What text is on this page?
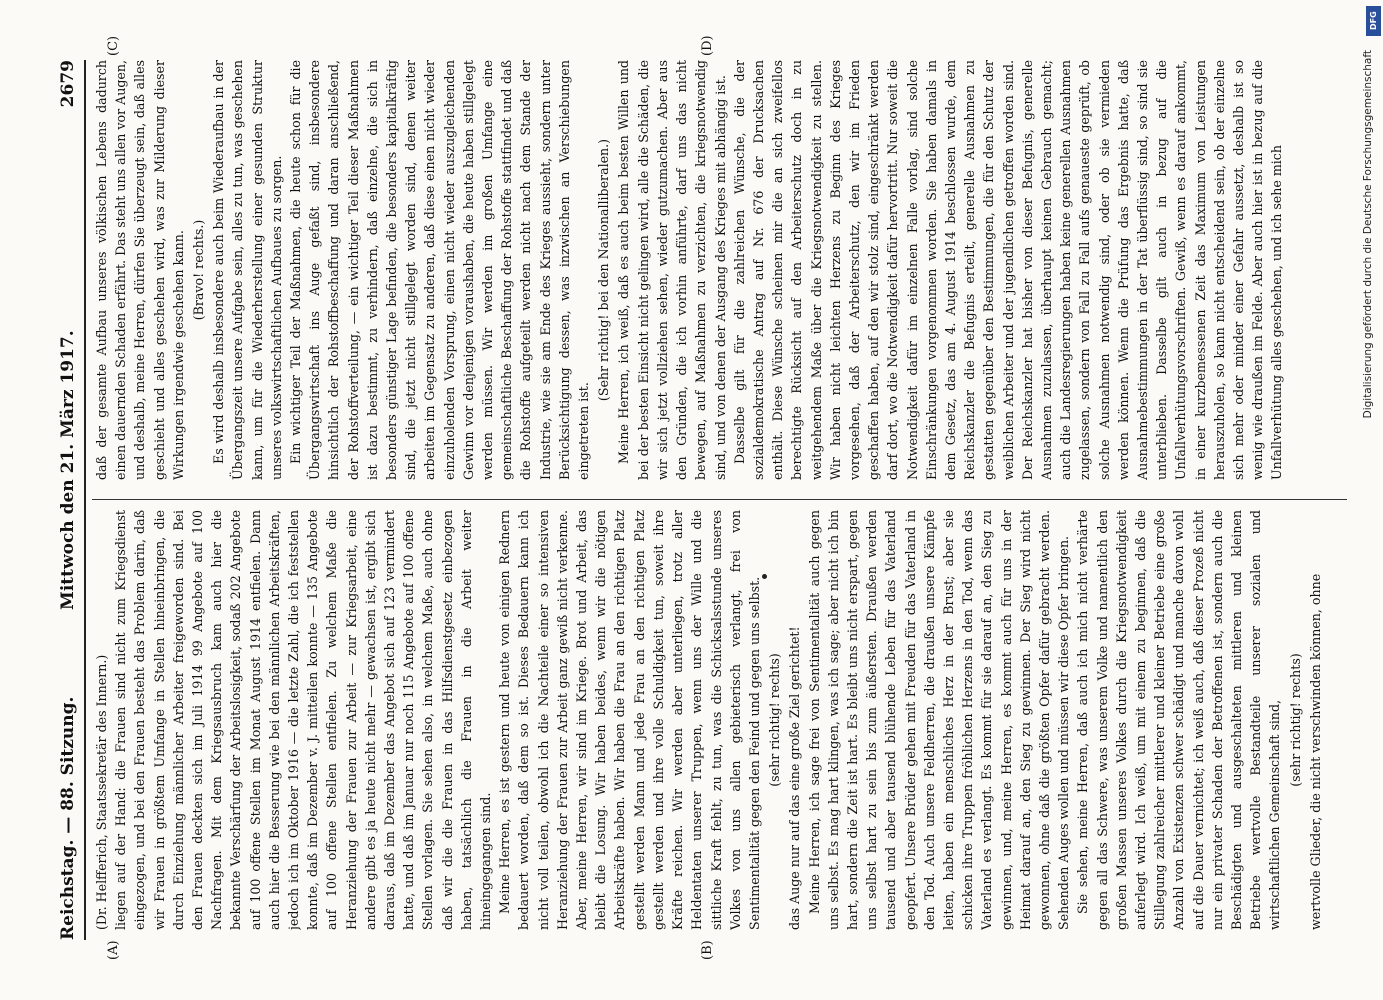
Reichstag. — 88. Sitzung.
Mittwoch den 21. März 1917.
2679
(A)	(B)
(C)	(D)

(Dr. Helfferich, Staatssekretär des Innern.) liegen auf der Hand: die Frauen sind nicht zum Kriegsdienst eingezogen, und bei den Frauen besteht das Problem darin, daß wir Frauen in größtem Umfange in Stellen hineinbringen, die durch Einziehung männlicher Arbeiter freigeworden sind. Bei den Frauen deckten sich im Juli 1914 99 Angebote auf 100 Nachfragen. Mit dem Kriegsausbruch kam auch hier die bekannte Verschärfung der Arbeitslosigkeit, sodaß 202 Angebote auf 100 offene Stellen im Monat August 1914 entfielen. Dann auch hier die Besserung wie bei den männlichen Arbeitskräften, jedoch ich im Oktober 1916 — die letzte Zahl, die ich feststellen konnte, daß im Dezember v. J. mitteilen konnte — 135 Angebote auf 100 offene Stellen entfielen. Zu welchem Maße die Heranziehung der Frauen zur Arbeit — zur Kriegsarbeit, eine andere gibt es ja heute nicht mehr — gewachsen ist, ergibt sich daraus, daß im Dezember das Angebot sich auf 123 vermindert hatte, und daß im Januar nur noch 115 Angebote auf 100 offene Stellen vorlagen. Sie sehen also, in welchem Maße, auch ohne daß wir die die Frauen in das Hilfsdienstgesetz einbezogen haben, tatsächlich die Frauen in die Arbeit weiter hineingegangen sind. Meine Herren, es ist gestern und heute von einigen Rednern bedauert worden, daß dem so ist. Dieses Bedauern kann ich nicht voll teilen, obwohl ich die Nachteile einer so intensiven Heranziehung der Frauen zur Arbeit ganz gewiß nicht verkenne. Aber, meine Herren, wir sind im Kriege. Brot und Arbeit, das bleibt die Losung. Wir haben beides, wenn wir die nötigen Arbeitskräfte haben. Wir haben die Frau an den richtigen Platz gestellt werden Mann und jede Frau an den richtigen Platz gestellt werden und ihre volle Schuldigkeit tun, soweit ihre Kräfte reichen. Wir werden aber unterliegen, trotz aller Heldentaten unserer Truppen, wenn uns der Wille und die sittliche Kraft fehlt, zu tun, was die Schicksalsstunde unseres Volkes von uns allen gebieterisch verlangt, frei von Sentimentalität gegen den Feind und gegen uns selbst. (sehr richtig! rechts) das Auge nur auf das eine große Ziel gerichtet! Meine Herren, ich sage frei von Sentimentalität auch gegen uns selbst. Es mag hart klingen, was ich sage; aber nicht ich bin hart, sondern die Zeit ist hart. Es bleibt uns nicht erspart, gegen uns selbst hart zu sein bis zum äußersten. Draußen werden tausend und aber tausend blühende Leben für das Vaterland geopfert. Unsere Brüder gehen mit Freuden für das Vaterland in den Tod. Auch unsere Feldherren, die draußen unsere Kämpfe leiten, haben ein menschliches Herz in der Brust; aber sie schicken ihre Truppen fröhlichen Herzens in den Tod, wenn das Vaterland es verlangt. Es kommt für sie darauf an, den Sieg zu gewinnen, und, meine Herren, es kommt auch für uns in der Heimat darauf an, den Sieg zu gewinnen. Der Sieg wird nicht gewonnen, ohne daß die größten Opfer dafür gebracht werden. Sehenden Auges wollen und müssen wir diese Opfer bringen. Sie sehen, meine Herren, daß auch ich mich nicht verhärte gegen all das Schwere, was unserem Volke und namentlich den großen Massen unseres Volkes durch die Kriegsnotwendigkeit auferlegt wird. Ich weiß, um mit einem zu beginnen, daß die Stillegung zahlreicher mittlerer und kleiner Betriebe eine große Anzahl von Existenzen schwer schädigt und manche davon wohl auf die Dauer vernichtet; ich weiß auch, daß dieser Prozeß nicht nur ein privater Schaden der Betroffenen ist, sondern auch die Beschädigten und ausgeschalteten mittleren und kleinen Betriebe wertvolle Bestandteile unserer sozialen und wirtschaftlichen Gemeinschaft sind, (sehr richtig! rechts) wertvolle Glieder, die nicht verschwinden können, ohne

daß der gesamte Aufbau unseres völkischen Lebens dadurch einen dauernden Schaden erfährt. Das steht uns allen vor Augen, und deshalb, meine Herren, dürfen Sie überzeugt sein, daß alles geschieht und alles geschehen wird, was zur Milderung dieser Wirkungen irgendwie geschehen kann. (Bravo! rechts.) Es wird deshalb insbesondere auch beim Wiederaufbau in der Übergangszeit unsere Aufgabe sein, alles zu tun, was geschehen kann, um für die Wiederherstellung einer gesunden Struktur unseres volkswirtschaftlichen Aufbaues zu sorgen. Ein wichtiger Teil der Maßnahmen, die heute schon für die Übergangswirtschaft ins Auge gefaßt sind, insbesondere hinsichtlich der Rohstoffbeschaffung und daran anschließend, der Rohstoffverteilung, — ein wichtiger Teil dieser Maßnahmen ist dazu bestimmt, zu verhindern, daß einzelne, die sich in besonders günstiger Lage befinden, die besonders kapitalkräftig sind, die jetzt nicht stillgelegt worden sind, denen weiter arbeiten im Gegensatz zu anderen, daß diese einen nicht wieder einzuholenden Vorsprung, einen nicht wieder auszugleichenden Gewinn vor denjenigen voraushaben, die heute haben stillgelegt werden müssen. Wir werden im großen Umfange eine gemeinschaftliche Beschaffung der Rohstoffe stattfindet und daß die Rohstoffe aufgeteilt werden nicht nach dem Stande der Industrie, wie sie am Ende des Krieges aussieht, sondern unter Berücksichtigung dessen, was inzwischen an Verschiebungen eingetreten ist.

(Sehr richtig! bei den Nationalliberalen.) Meine Herren, ich weiß, daß es auch beim besten Willen und bei der besten Einsicht nicht gelingen wird, alle die Schäden, die wir sich jetzt vollziehen sehen, wieder gutzumachen. Aber aus den Gründen, die ich vorhin anführte, darf uns das nicht bewegen, auf Maßnahmen zu verzichten, die kriegsnotwendig sind, und von denen der Ausgang des Krieges mit abhängig ist. Dasselbe gilt für die zahlreichen Wünsche, die der sozialdemokratische Antrag auf Nr. 676 der Drucksachen enthält. Diese Wünsche scheinen mir die an sich zweifellos berechtigte Rücksicht auf den Arbeiterschutz doch in zu weitgehendem Maße über die Kriegsnotwendigkeit zu stellen. Wir haben nicht leichten Herzens zu Beginn des Krieges vorgesehen, daß der Arbeiterschutz, den wir im Frieden geschaffen haben, auf den wir stolz sind, eingeschränkt werden darf dort, wo die Notwendigkeit dafür hervortritt. Nur soweit die Notwendigkeit dafür im einzelnen Falle vorlag, sind solche Einschränkungen vorgenommen worden. Sie haben damals in dem Gesetz, das am 4. August 1914 beschlossen wurde, dem Reichskanzler die Befugnis erteilt, generelle Ausnahmen zu gestatten gegenüber den Bestimmungen, die für den Schutz der weiblichen Arbeiter und der jugendlichen getroffen worden sind. Der Reichskanzler hat bisher von dieser Befugnis, generelle Ausnahmen zuzulassen, überhaupt keinen Gebrauch gemacht; auch die Landesregierungen haben keine generellen Ausnahmen zugelassen, sondern von Fall zu Fall aufs genaueste geprüft, ob solche Ausnahmen notwendig sind, oder ob sie vermieden werden können. Wenn die Prüfung das Ergebnis hatte, daß Ausnahmebestimmungen in der Tat überflüssig sind, so sind sie unterblieben. Dasselbe gilt auch in bezug auf die Unfallverhütungsvorschriften. Gewiß, wenn es darauf ankommt, in einer kurzbemessenen Zeit das Maximum von Leistungen herauszuholen, so kann nicht entscheidend sein, ob der einzelne sich mehr oder minder einer Gefahr aussetzt, deshalb ist so wenig wie draußen im Felde. Aber auch hier ist in bezug auf die Unfallverhütung alles geschehen, und ich sehe mich

DFG
Digitalisierung gefördert durch die Deutsche Forschungsgemeinschaft
